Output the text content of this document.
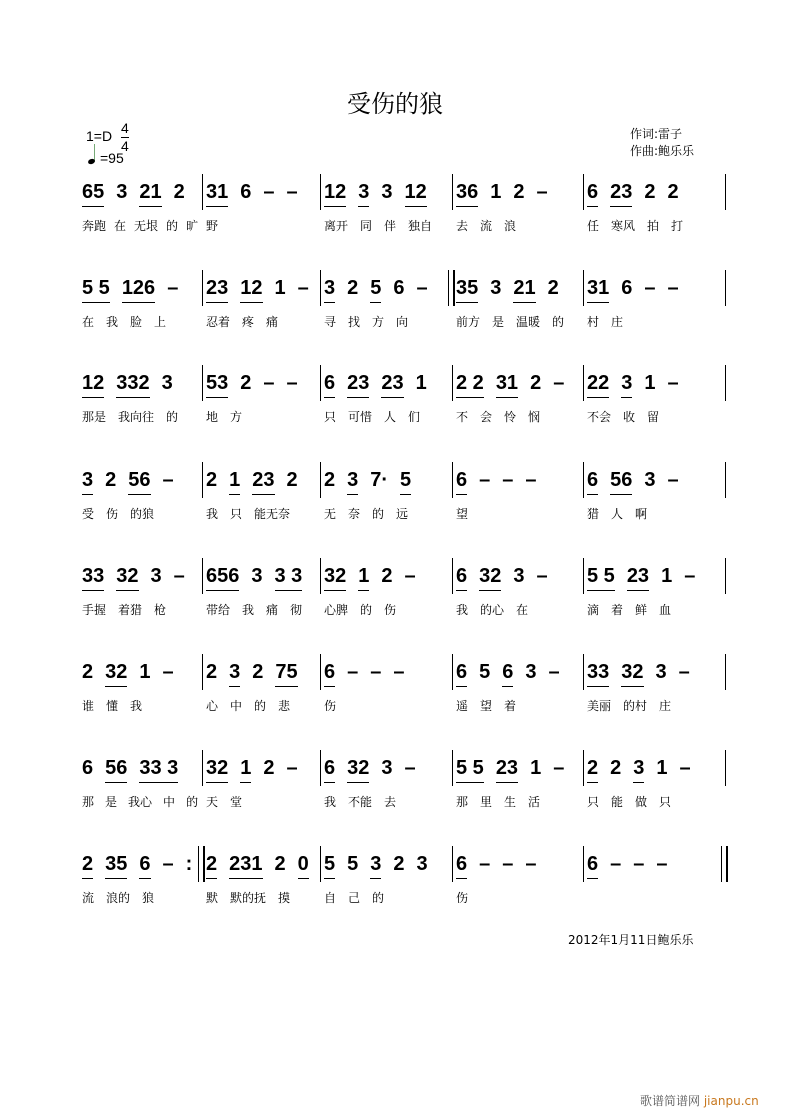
受伤的狼
$1=D \frac{4}{4}$
=95
作词:雷子
作曲:鲍乐乐
65 3 21 2
奔跑 在 无垠 的 旷
31 6 – –
野
12 3 3 12
离开 同 伴 独自
36 1 2 –
去 流 浪
6 23 2 2
任 寒风 拍 打
5 5 126 –
在 我 脸 上
23 12 1 –
忍着 疼 痛
3 2 5 6 –
寻 找 方 向
35 3 21 2
前方 是 温暖 的
31 6 – –
村 庄
12 332 3
那是 我向往 的
53 2 – –
地 方
6 23 23 1
只 可惜 人 们
2 2 31 2 –
不 会 怜 悯
22 3 1 –
不会 收 留
3 2 56 –
受 伤 的狼
2 1 23 2
我 只 能无奈
2 3 7· 5
无 奈 的 远
6 – – –
望
6 56 3 –
猎 人 啊
33 32 3 –
手握 着猎 枪
656 3 3 3
带给 我 痛 彻
32 1 2 –
心脾 的 伤
6 32 3 –
我 的心 在
5 5 23 1 –
滴 着 鲜 血
2 32 1 –
谁 懂 我
2 3 2 75
心 中 的 悲
6 – – –
伤
6 5 6 3 –
遥 望 着
33 32 3 –
美丽 的村 庄
6 56 33 3
那 是 我心 中 的
32 1 2 –
天 堂
6 32 3 –
我 不能 去
5 5 23 1 –
那 里 生 活
2 2 3 1 –
只 能 做 只
2 35 6 – :
流 浪的 狼
2 231 2 0
默 默的抚 摸
5 5 3 2 3
自 己 的
6 – – –
伤
6 – – –
2012年1月11日鲍乐乐
歌谱简谱网 jianpu.cn
